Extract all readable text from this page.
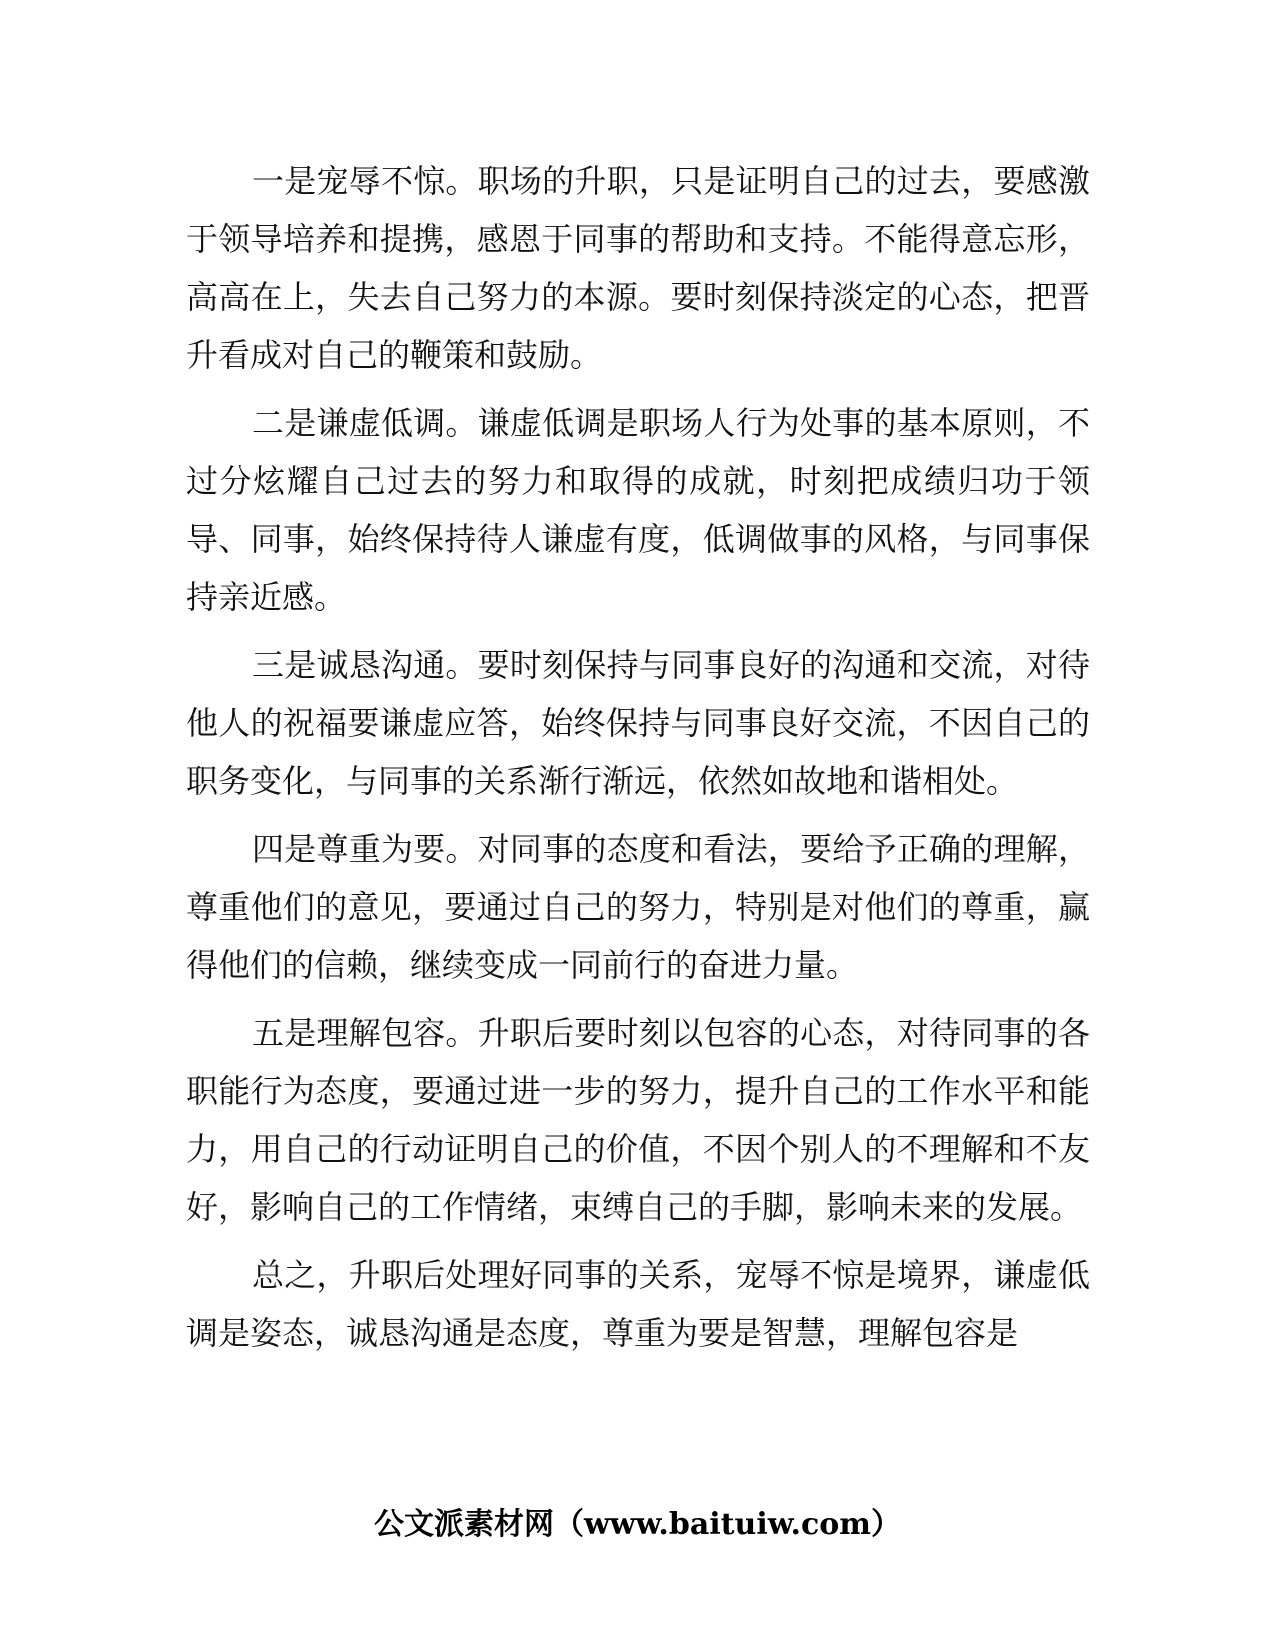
一是宠辱不惊。职场的升职，只是证明自己的过去，要感激于领导培养和提携，感恩于同事的帮助和支持。不能得意忘形，高高在上，失去自己努力的本源。要时刻保持淡定的心态，把晋升看成对自己的鞭策和鼓励。

二是谦虚低调。谦虚低调是职场人行为处事的基本原则，不过分炫耀自己过去的努力和取得的成就，时刻把成绩归功于领导、同事，始终保持待人谦虚有度，低调做事的风格，与同事保持亲近感。

三是诚恳沟通。要时刻保持与同事良好的沟通和交流，对待他人的祝福要谦虚应答，始终保持与同事良好交流，不因自己的职务变化，与同事的关系渐行渐远，依然如故地和谐相处。

四是尊重为要。对同事的态度和看法，要给予正确的理解，尊重他们的意见，要通过自己的努力，特别是对他们的尊重，赢得他们的信赖，继续变成一同前行的奋进力量。

五是理解包容。升职后要时刻以包容的心态，对待同事的各职能行为态度，要通过进一步的努力，提升自己的工作水平和能力，用自己的行动证明自己的价值，不因个别人的不理解和不友好，影响自己的工作情绪，束缚自己的手脚，影响未来的发展。

总之，升职后处理好同事的关系，宠辱不惊是境界，谦虚低调是姿态，诚恳沟通是态度，尊重为要是智慧，理解包容是

公文派素材网（www.baituiw.com）
